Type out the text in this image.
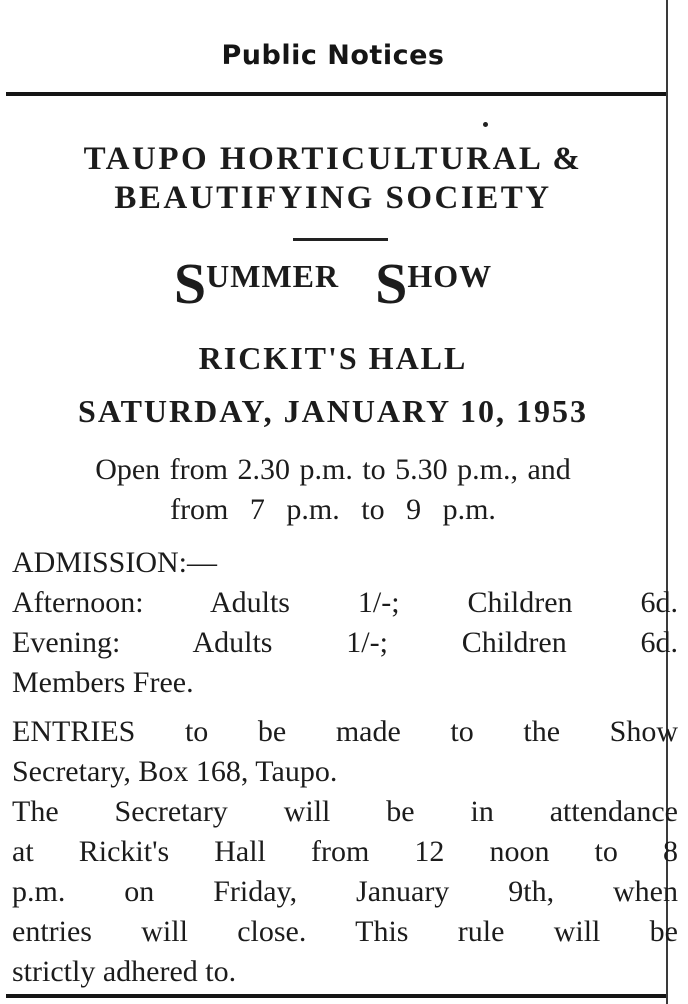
Public Notices
TAUPO HORTICULTURAL &
BEAUTIFYING SOCIETY
SUMMER SHOW
RICKIT'S HALL
SATURDAY, JANUARY 10, 1953
Open from 2.30 p.m. to 5.30 p.m., and
from 7 p.m. to 9 p.m.
ADMISSION:—
Afternoon: Adults 1/-; Children 6d.
Evening: Adults 1/-; Children 6d.
Members Free.
ENTRIES to be made to the Show
Secretary, Box 168, Taupo.
The Secretary will be in attendance
at Rickit's Hall from 12 noon to 8
p.m. on Friday, January 9th, when
entries will close. This rule will be
strictly adhered to.
